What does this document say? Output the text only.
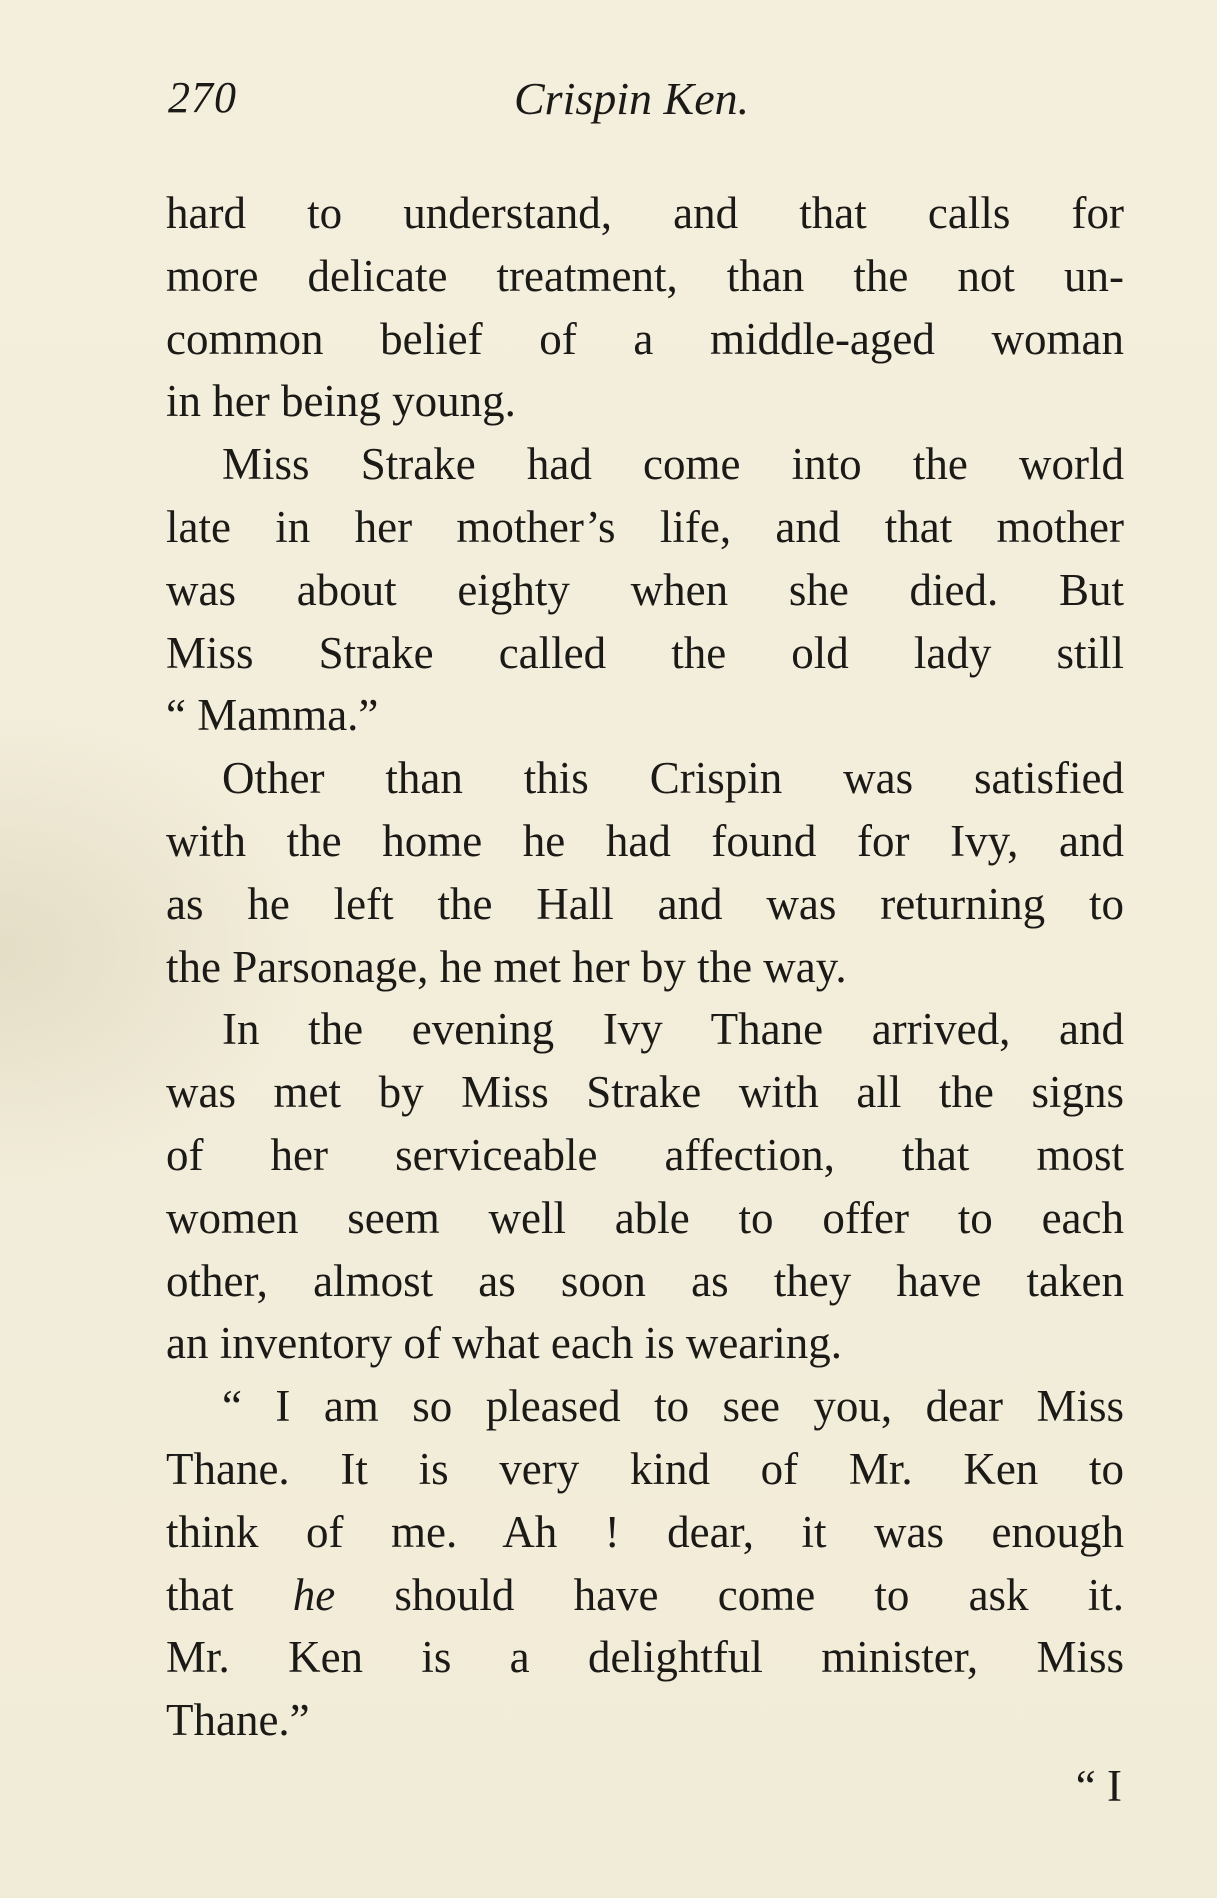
270	Crispin Ken.
hard to understand, and that calls for
more delicate treatment, than the not un-
common belief of a middle-aged woman
in her being young.
Miss Strake had come into the world
late in her mother’s life, and that mother
was about eighty when she died. But
Miss Strake called the old lady still
“ Mamma.”
Other than this Crispin was satisfied
with the home he had found for Ivy, and
as he left the Hall and was returning to
the Parsonage, he met her by the way.
In the evening Ivy Thane arrived, and
was met by Miss Strake with all the signs
of her serviceable affection, that most
women seem well able to offer to each
other, almost as soon as they have taken
an inventory of what each is wearing.
“ I am so pleased to see you, dear Miss
Thane. It is very kind of Mr. Ken to
think of me. Ah ! dear, it was enough
that he should have come to ask it.
Mr. Ken is a delightful minister, Miss
Thane.”
“ I
